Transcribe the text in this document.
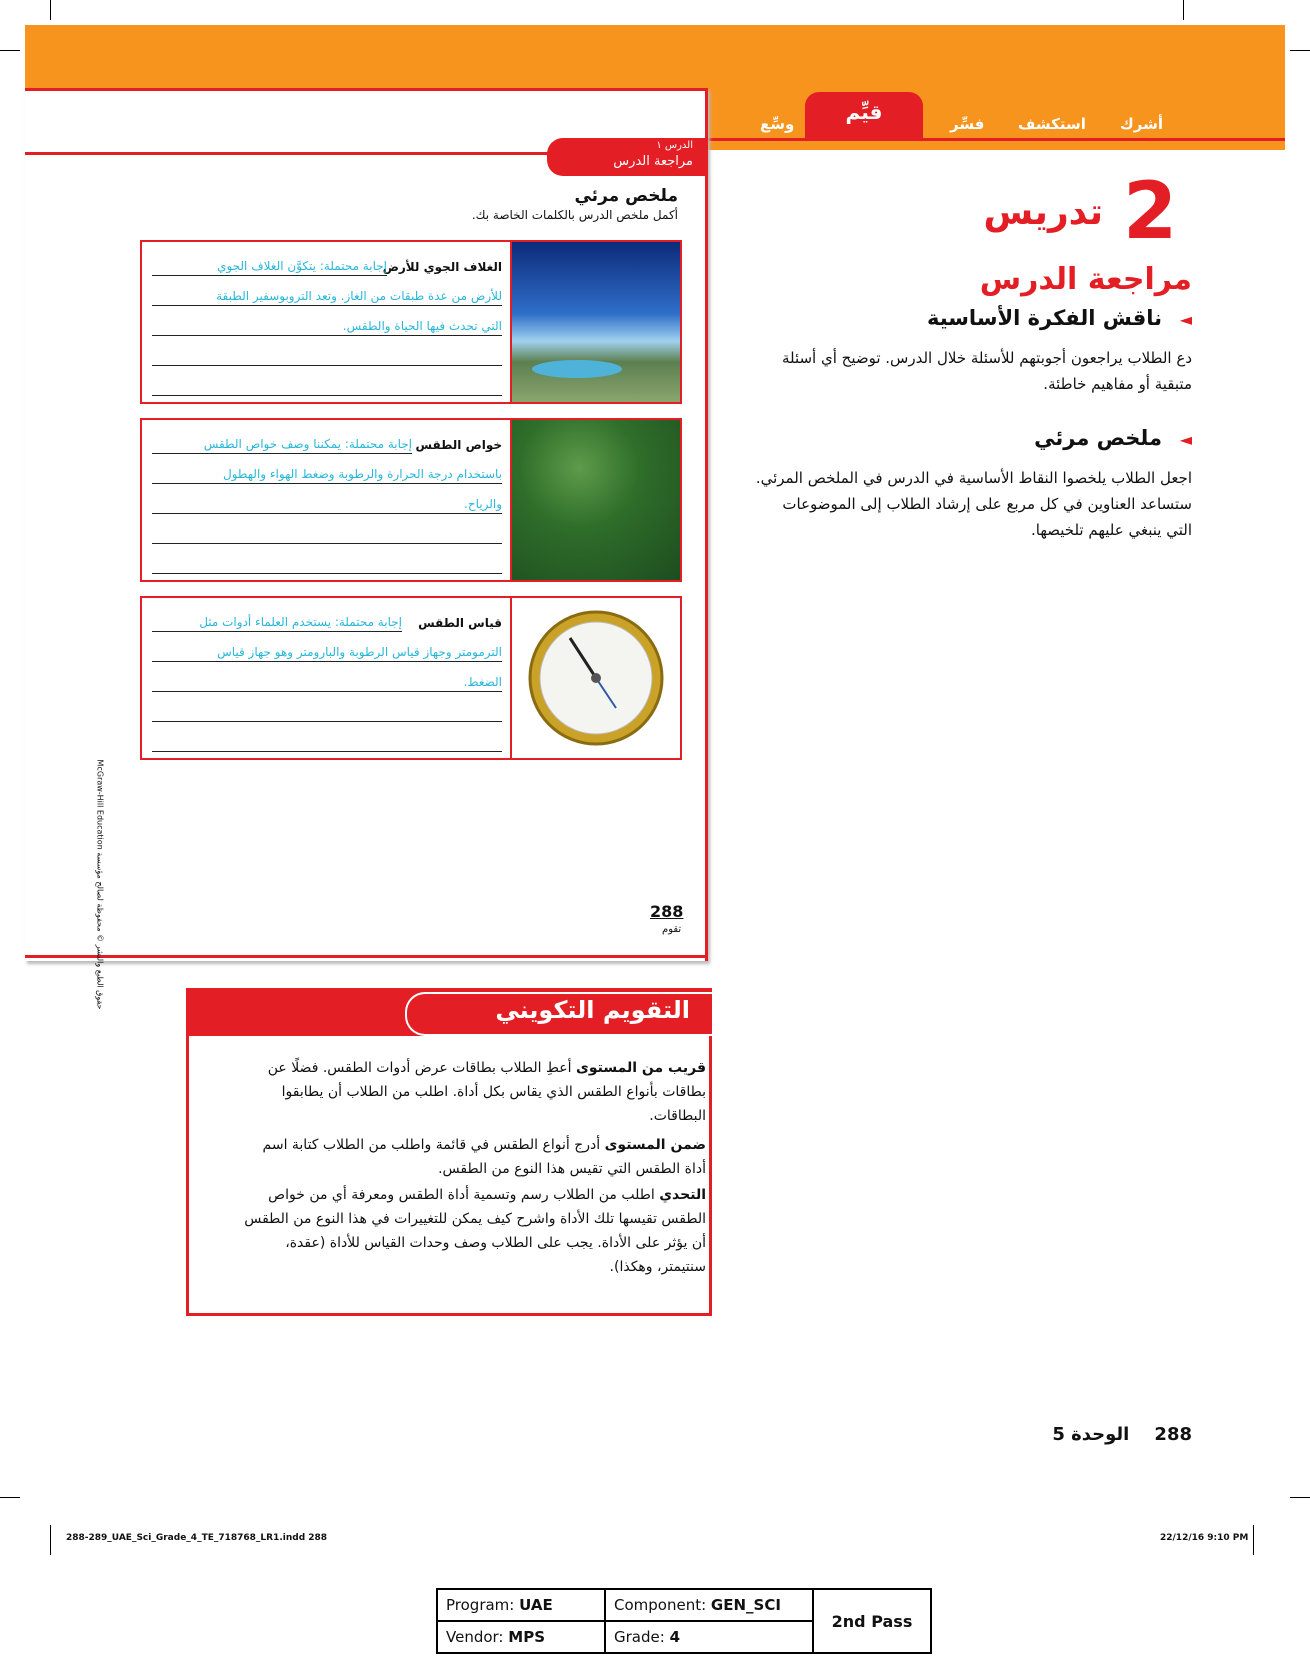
أشرك
استكشف
فسِّر
قيِّم
وسِّع
الدرس ١
مراجعة الدرس
ملخص مرئي
أكمل ملخص الدرس بالكلمات الخاصة بك.
الغلاف الجوي للأرض
إجابة محتملة: يتكوَّن الغلاف الجوي
للأرض من عدة طبقات من الغاز. وتعد التروبوسفير الطبقة
التي تحدث فيها الحياة والطقس.
خواص الطقس
إجابة محتملة: يمكننا وصف خواص الطقس
باستخدام درجة الحرارة والرطوبة وضغط الهواء والهطول
والرياح.
قياس الطقس
إجابة محتملة: يستخدم العلماء أدوات مثل
الترمومتر وجهاز قياس الرطوبة والبارومتر وهو جهاز قياس
الضغط.
288
تقوم
حقوق الطبع والنشر © محفوظة لصالح مؤسسة McGraw-Hill Education
2
تدريس
مراجعة الدرس
◄
ناقش الفكرة الأساسية
دع الطلاب يراجعون أجوبتهم للأسئلة خلال الدرس. توضيح أي أسئلة متبقية أو مفاهيم خاطئة.
◄
ملخص مرئي
اجعل الطلاب يلخصوا النقاط الأساسية في الدرس في الملخص المرئي. ستساعد العناوين في كل مربع على إرشاد الطلاب إلى الموضوعات التي ينبغي عليهم تلخيصها.
التقويم التكويني
قريب من المستوى أعطِ الطلاب بطاقات عرض أدوات الطقس. فضلًا عن بطاقات بأنواع الطقس الذي يقاس بكل أداة. اطلب من الطلاب أن يطابقوا البطاقات.
ضمن المستوى أدرج أنواع الطقس في قائمة واطلب من الطلاب كتابة اسم أداة الطقس التي تقيس هذا النوع من الطقس.
التحدي اطلب من الطلاب رسم وتسمية أداة الطقس ومعرفة أي من خواص الطقس تقيسها تلك الأداة واشرح كيف يمكن للتغييرات في هذا النوع من الطقس أن يؤثر على الأداة. يجب على الطلاب وصف وحدات القياس للأداة (عقدة، سنتيمتر، وهكذا).
288    الوحدة 5
288-289_UAE_Sci_Grade_4_TE_718768_LR1.indd 288	22/12/16 9:10 PM
Program: UAE	Component: GEN_SCI	2nd Pass
Vendor: MPS	Grade: 4	
